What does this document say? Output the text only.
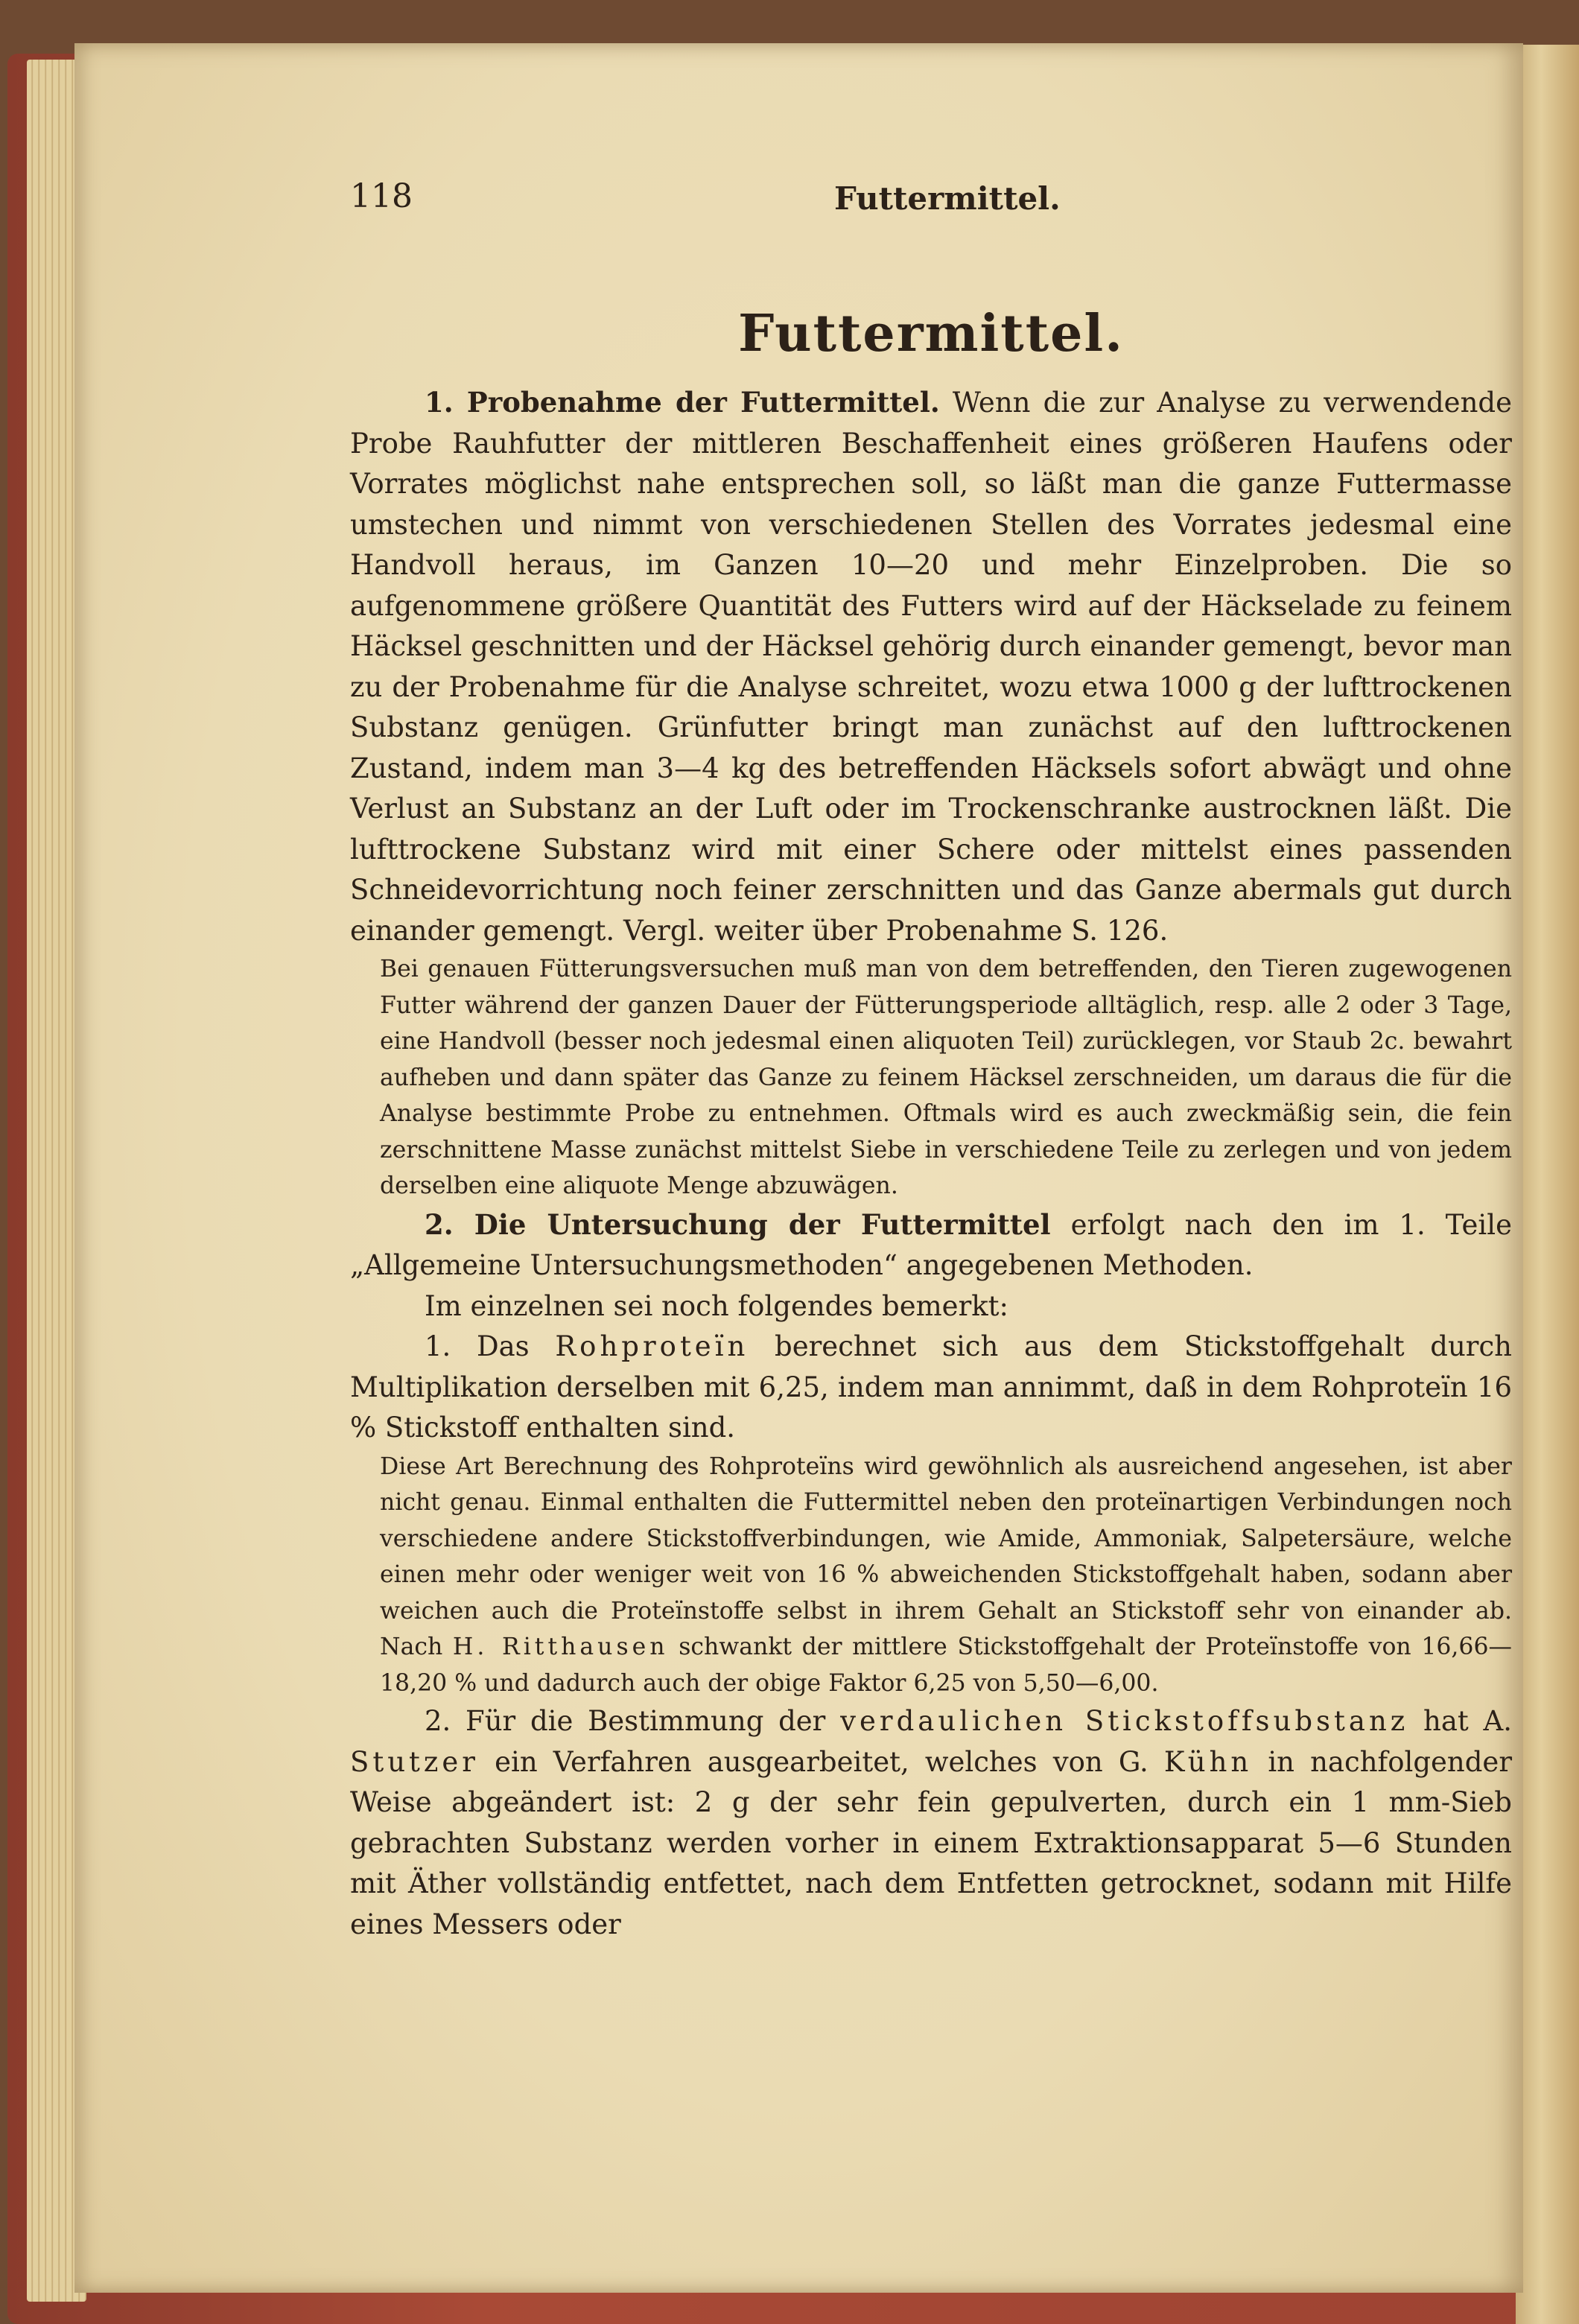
118	Futtermittel.
Futtermittel.

1. Probenahme der Futtermittel. Wenn die zur Analyse zu verwendende Probe Rauhfutter der mittleren Beschaffenheit eines größeren Haufens oder Vorrates möglichst nahe entsprechen soll, so läßt man die ganze Futtermasse umstechen und nimmt von verschiedenen Stellen des Vorrates jedesmal eine Handvoll heraus, im Ganzen 10—20 und mehr Einzelproben. Die so aufgenommene größere Quantität des Futters wird auf der Häckselade zu feinem Häcksel geschnitten und der Häcksel gehörig durch einander gemengt, bevor man zu der Probenahme für die Analyse schreitet, wozu etwa 1000 g der lufttrockenen Substanz genügen. Grünfutter bringt man zunächst auf den lufttrockenen Zustand, indem man 3—4 kg des betreffenden Häcksels sofort abwägt und ohne Verlust an Substanz an der Luft oder im Trockenschranke austrocknen läßt. Die lufttrockene Substanz wird mit einer Schere oder mittelst eines passenden Schneidevorrichtung noch feiner zerschnitten und das Ganze abermals gut durch einander gemengt. Vergl. weiter über Probenahme S. 126.

Bei genauen Fütterungsversuchen muß man von dem betreffenden, den Tieren zugewogenen Futter während der ganzen Dauer der Fütterungsperiode alltäglich, resp. alle 2 oder 3 Tage, eine Handvoll (besser noch jedesmal einen aliquoten Teil) zurücklegen, vor Staub 2c. bewahrt aufheben und dann später das Ganze zu feinem Häcksel zerschneiden, um daraus die für die Analyse bestimmte Probe zu entnehmen. Oftmals wird es auch zweckmäßig sein, die fein zerschnittene Masse zunächst mittelst Siebe in verschiedene Teile zu zerlegen und von jedem derselben eine aliquote Menge abzuwägen.

2. Die Untersuchung der Futtermittel erfolgt nach den im 1. Teile „Allgemeine Untersuchungsmethoden“ angegebenen Methoden.

Im einzelnen sei noch folgendes bemerkt:

1. Das Rohproteïn berechnet sich aus dem Stickstoffgehalt durch Multiplikation derselben mit 6,25, indem man annimmt, daß in dem Rohproteïn 16 % Stickstoff enthalten sind.

Diese Art Berechnung des Rohproteïns wird gewöhnlich als ausreichend angesehen, ist aber nicht genau. Einmal enthalten die Futtermittel neben den proteïnartigen Verbindungen noch verschiedene andere Stickstoffverbindungen, wie Amide, Ammoniak, Salpetersäure, welche einen mehr oder weniger weit von 16 % abweichenden Stickstoffgehalt haben, sodann aber weichen auch die Proteïnstoffe selbst in ihrem Gehalt an Stickstoff sehr von einander ab. Nach H. Ritthausen schwankt der mittlere Stickstoffgehalt der Proteïnstoffe von 16,66—18,20 % und dadurch auch der obige Faktor 6,25 von 5,50—6,00.

2. Für die Bestimmung der verdaulichen Stickstoffsubstanz hat A. Stutzer ein Verfahren ausgearbeitet, welches von G. Kühn in nachfolgender Weise abgeändert ist: 2 g der sehr fein gepulverten, durch ein 1 mm-Sieb gebrachten Substanz werden vorher in einem Extraktionsapparat 5—6 Stunden mit Äther vollständig entfettet, nach dem Entfetten getrocknet, sodann mit Hilfe eines Messers oder
